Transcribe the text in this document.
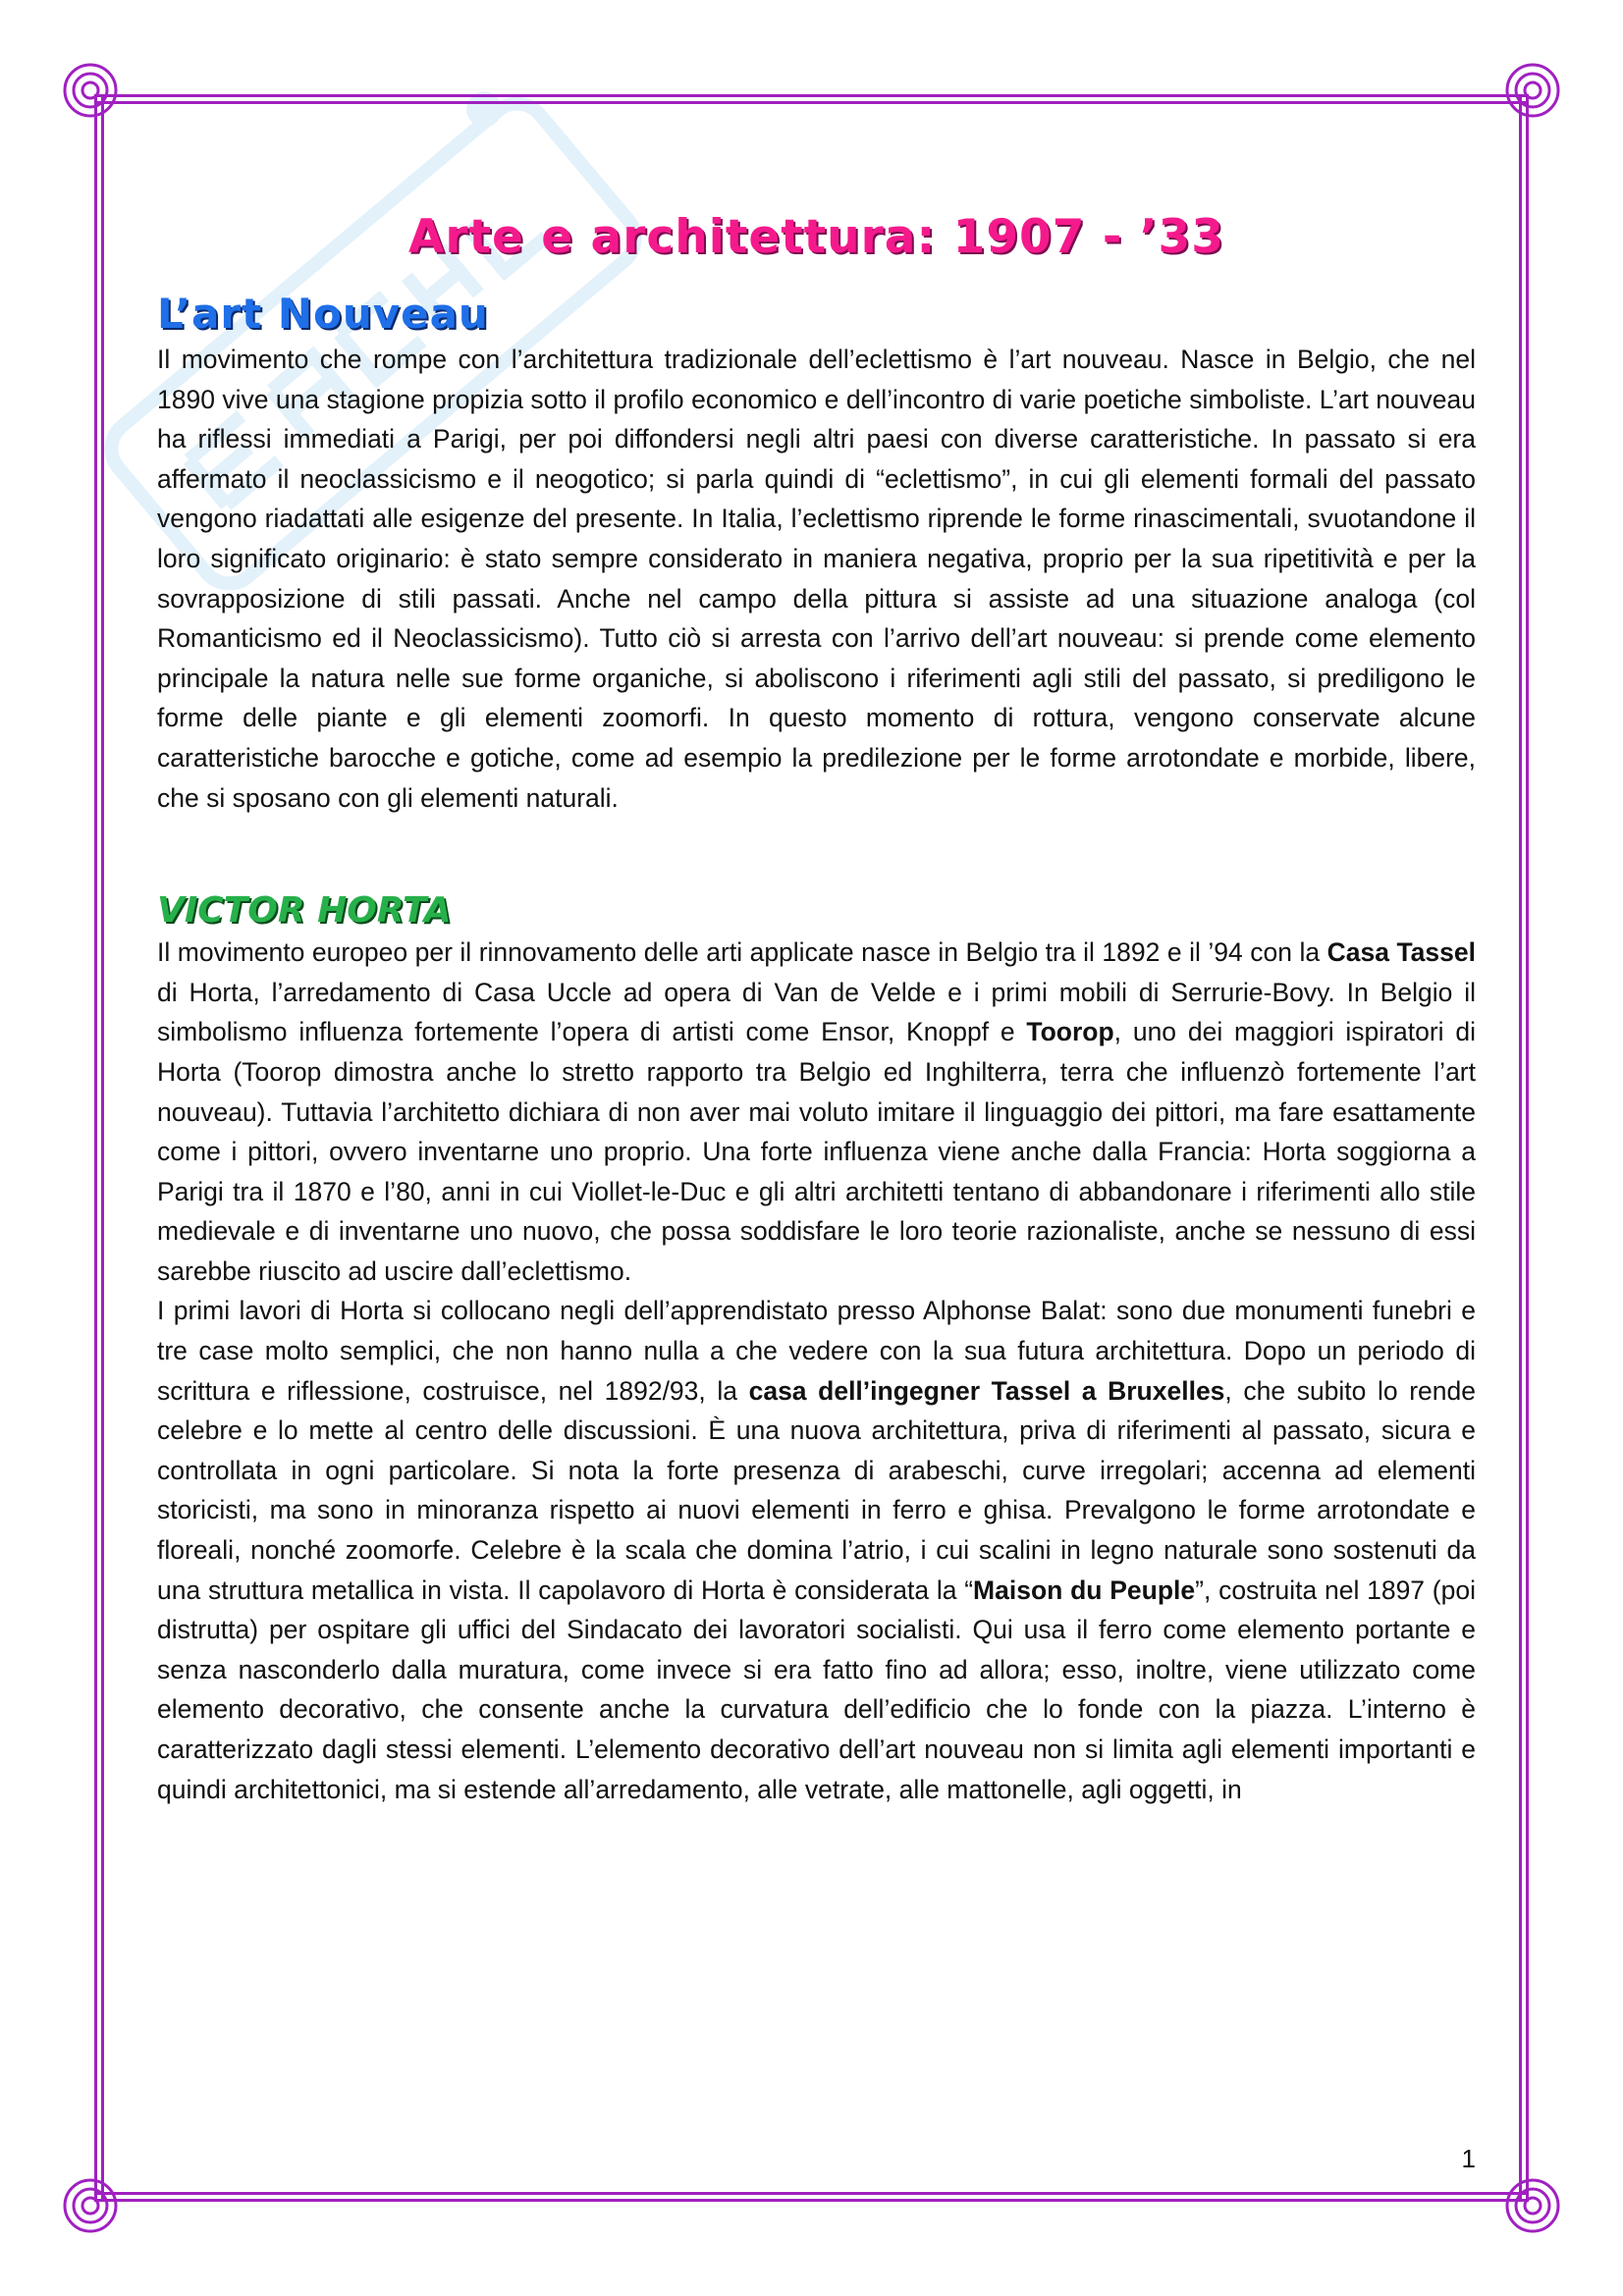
Arte e architettura: 1907 - ’33
L’art Nouveau

Il movimento che rompe con l’architettura tradizionale dell’eclettismo è l’art nouveau. Nasce in Belgio, che nel 1890 vive una stagione propizia sotto il profilo economico e dell’incontro di varie poetiche simboliste. L’art nouveau ha riflessi immediati a Parigi, per poi diffondersi negli altri paesi con diverse caratteristiche. In passato si era affermato il neoclassicismo e il neogotico; si parla quindi di “eclettismo”, in cui gli elementi formali del passato vengono riadattati alle esigenze del presente. In Italia, l’eclettismo riprende le forme rinascimentali, svuotandone il loro significato originario: è stato sempre considerato in maniera negativa, proprio per la sua ripetitività e per la sovrapposizione di stili passati. Anche nel campo della pittura si assiste ad una situazione analoga (col Romanticismo ed il Neoclassicismo). Tutto ciò si arresta con l’arrivo dell’art nouveau: si prende come elemento principale la natura nelle sue forme organiche, si aboliscono i riferimenti agli stili del passato, si prediligono le forme delle piante e gli elementi zoomorfi. In questo momento di rottura, vengono conservate alcune caratteristiche barocche e gotiche, come ad esempio la predilezione per le forme arrotondate e morbide, libere, che si sposano con gli elementi naturali.

VICTOR HORTA

Il movimento europeo per il rinnovamento delle arti applicate nasce in Belgio tra il 1892 e il ’94 con la Casa Tassel di Horta, l’arredamento di Casa Uccle ad opera di Van de Velde e i primi mobili di Serrurie-Bovy. In Belgio il simbolismo influenza fortemente l’opera di artisti come Ensor, Knoppf e Toorop, uno dei maggiori ispiratori di Horta (Toorop dimostra anche lo stretto rapporto tra Belgio ed Inghilterra, terra che influenzò fortemente l’art nouveau). Tuttavia l’architetto dichiara di non aver mai voluto imitare il linguaggio dei pittori, ma fare esattamente come i pittori, ovvero inventarne uno proprio. Una forte influenza viene anche dalla Francia: Horta soggiorna a Parigi tra il 1870 e l’80, anni in cui Viollet-le-Duc e gli altri architetti tentano di abbandonare i riferimenti allo stile medievale e di inventarne uno nuovo, che possa soddisfare le loro teorie razionaliste, anche se nessuno di essi sarebbe riuscito ad uscire dall’eclettismo.

I primi lavori di Horta si collocano negli dell’apprendistato presso Alphonse Balat: sono due monumenti funebri e tre case molto semplici, che non hanno nulla a che vedere con la sua futura architettura. Dopo un periodo di scrittura e riflessione, costruisce, nel 1892/93, la casa dell’ingegner Tassel a Bruxelles, che subito lo rende celebre e lo mette al centro delle discussioni. È una nuova architettura, priva di riferimenti al passato, sicura e controllata in ogni particolare. Si nota la forte presenza di arabeschi, curve irregolari; accenna ad elementi storicisti, ma sono in minoranza rispetto ai nuovi elementi in ferro e ghisa. Prevalgono le forme arrotondate e floreali, nonché zoomorfe. Celebre è la scala che domina l’atrio, i cui scalini in legno naturale sono sostenuti da una struttura metallica in vista. Il capolavoro di Horta è considerata la “Maison du Peuple”, costruita nel 1897 (poi distrutta) per ospitare gli uffici del Sindacato dei lavoratori socialisti. Qui usa il ferro come elemento portante e senza nasconderlo dalla muratura, come invece si era fatto fino ad allora; esso, inoltre, viene utilizzato come elemento decorativo, che consente anche la curvatura dell’edificio che lo fonde con la piazza. L’interno è caratterizzato dagli stessi elementi. L’elemento decorativo dell’art nouveau non si limita agli elementi importanti e quindi architettonici, ma si estende all’arredamento, alle vetrate, alle mattonelle, agli oggetti, in

1
